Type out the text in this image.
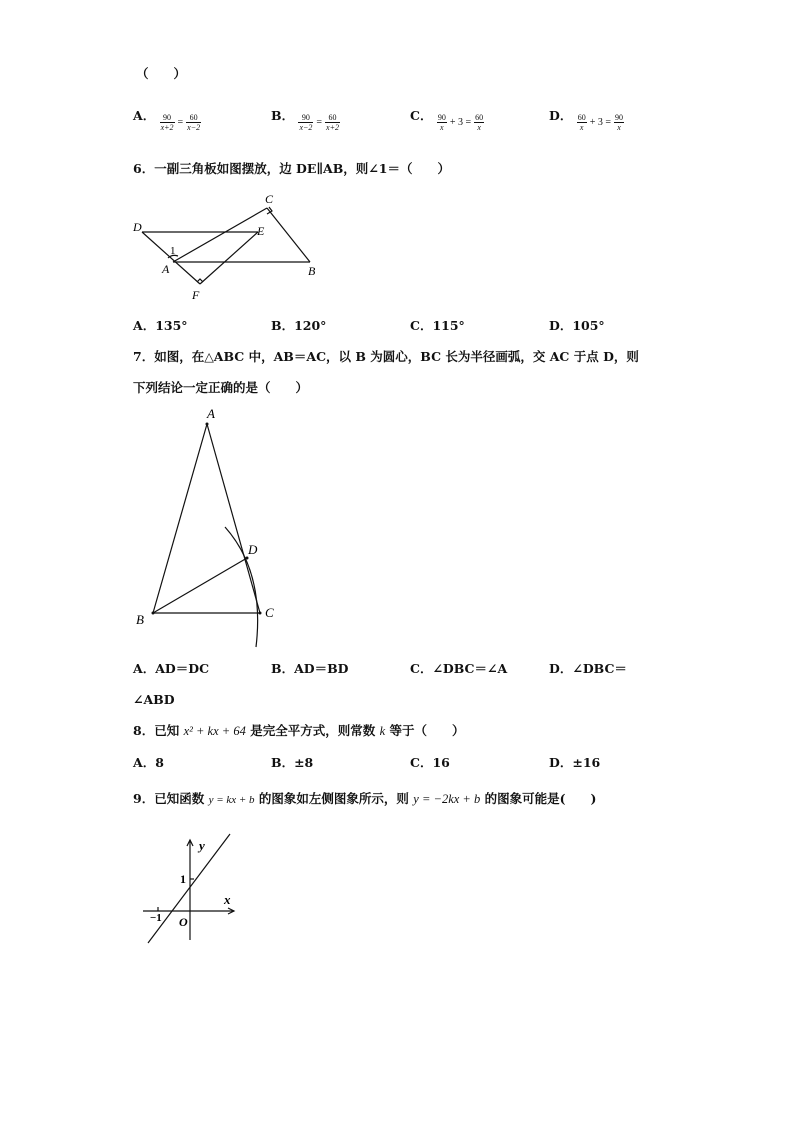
（　　）
A． $\frac{90}{x+2} = \frac{60}{x-2}$	B． $\frac{90}{x-2} = \frac{60}{x+2}$	C． $\frac{90}{x} + 3 = \frac{60}{x}$	D． $\frac{60}{x} + 3 = \frac{90}{x}$
6．一副三角板如图摆放，边 DE∥AB，则∠1＝（　　）
C
D	E
A	B
F
1
A．135°	B．120°	C．115°	D．105°
7．如图，在△ABC 中，AB＝AC，以 B 为圆心，BC 长为半径画弧，交 AC 于点 D，则
下列结论一定正确的是（　　）
A
B	C
D
A．AD＝DC	B．AD＝BD	C．∠DBC＝∠A	D．∠DBC＝
∠ABD
8．已知 x² + kx + 64 是完全平方式，则常数 k 等于（　　）
A．8	B．±8	C．16	D．±16
9．已知函数 y = kx + b 的图象如左侧图象所示，则 y = −2kx + b 的图象可能是(　　)
y
x
O
1
−1
